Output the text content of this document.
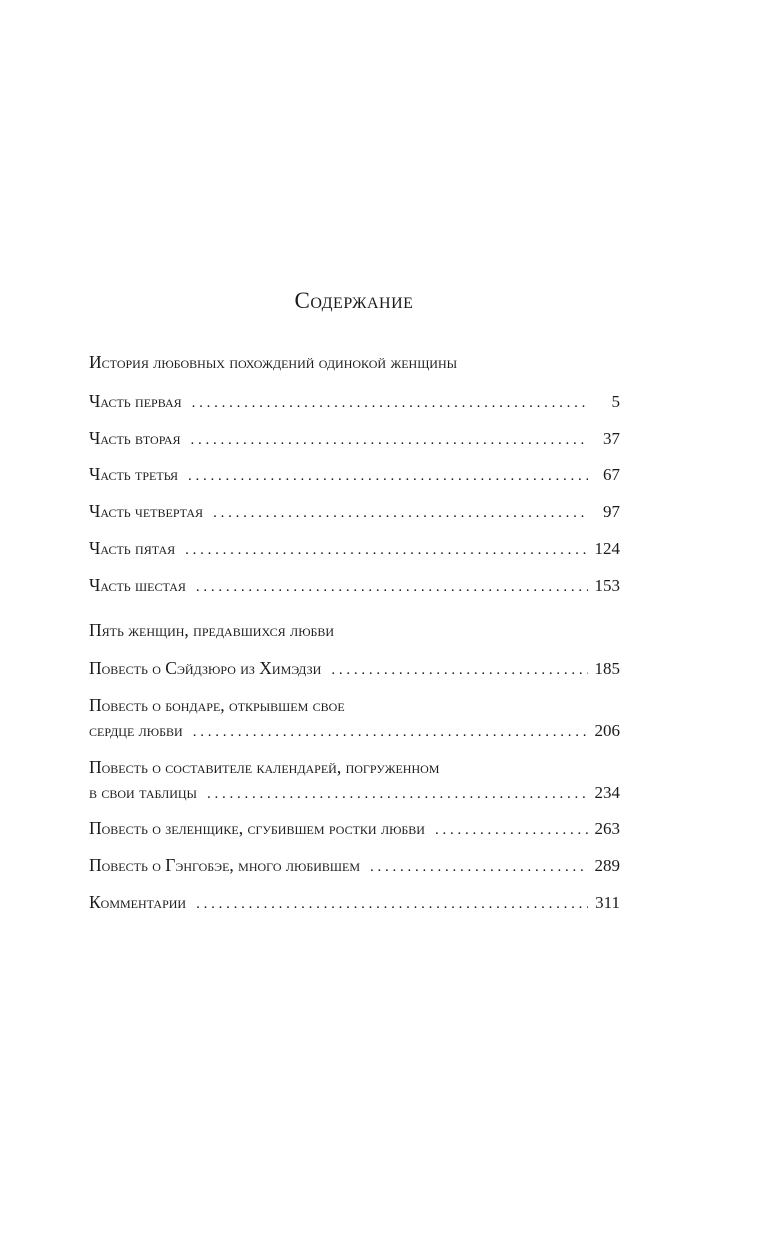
Содержание
История любовных похождений одинокой женщины
Часть первая . . .	5
Часть вторая . . .	37
Часть третья . . .	67
Часть четвертая . . .	97
Часть пятая . . .	124
Часть шестая . . .	153
Пять женщин, предавшихся любви
Повесть о Сэйдзюро из Химэдзи . . .	185
Повесть о бондаре, открывшем свое
сердце любви . . .	206
Повесть о составителе календарей, погруженном
в свои таблицы . . .	234
Повесть о зеленщике, сгубившем ростки любви . . .	263
Повесть о Гэнгобэе, много любившем . . .	289
Комментарии . . .	311
